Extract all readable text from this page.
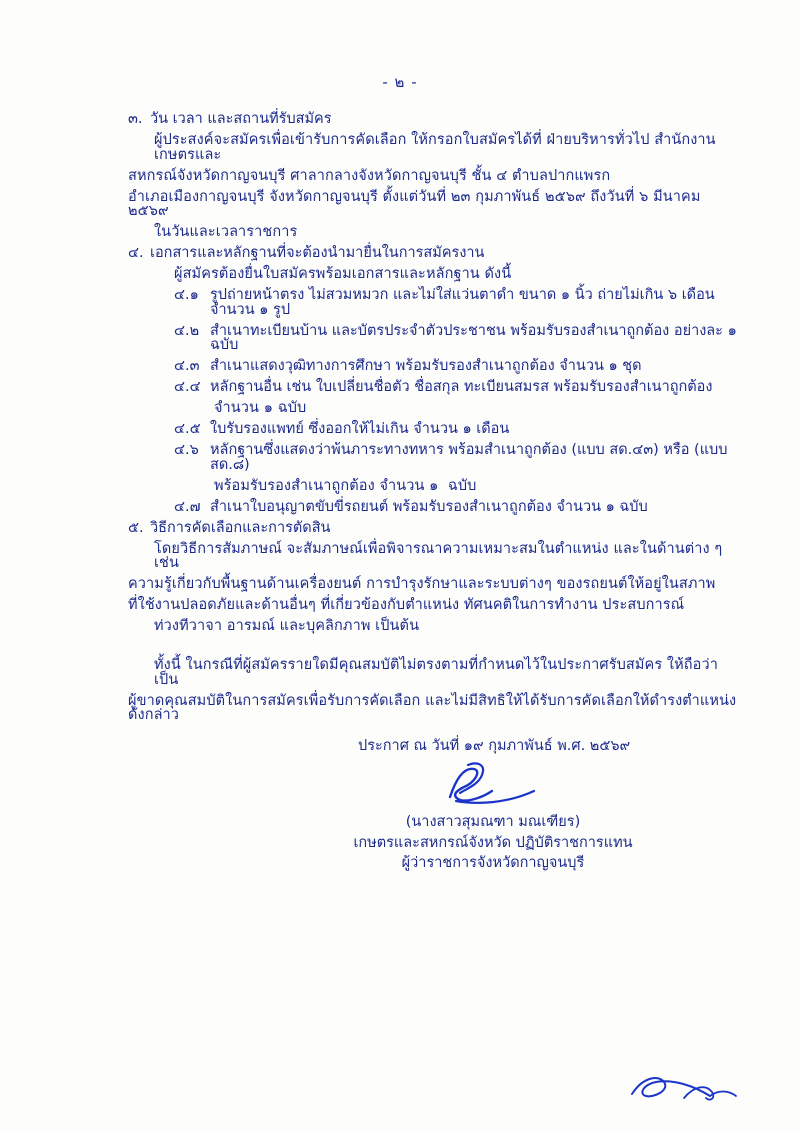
- ๒ -
๓. วัน เวลา และสถานที่รับสมัคร
ผู้ประสงค์จะสมัครเพื่อเข้ารับการคัดเลือก ให้กรอกใบสมัครได้ที่ ฝ่ายบริหารทั่วไป สำนักงานเกษตรและ
สหกรณ์จังหวัดกาญจนบุรี ศาลากลางจังหวัดกาญจนบุรี ชั้น ๔ ตำบลปากแพรก
อำเภอเมืองกาญจนบุรี จังหวัดกาญจนบุรี ตั้งแต่วันที่ ๒๓ กุมภาพันธ์ ๒๕๖๙ ถึงวันที่ ๖ มีนาคม ๒๕๖๙
ในวันและเวลาราชการ
๔. เอกสารและหลักฐานที่จะต้องนำมายื่นในการสมัครงาน
ผู้สมัครต้องยื่นใบสมัครพร้อมเอกสารและหลักฐาน ดังนี้
๔.๑ รูปถ่ายหน้าตรง ไม่สวมหมวก และไม่ใส่แว่นตาดำ ขนาด ๑ นิ้ว ถ่ายไม่เกิน ๖ เดือน จำนวน ๑ รูป
๔.๒ สำเนาทะเบียนบ้าน และบัตรประจำตัวประชาชน พร้อมรับรองสำเนาถูกต้อง อย่างละ ๑ ฉบับ
๔.๓ สำเนาแสดงวุฒิทางการศึกษา พร้อมรับรองสำเนาถูกต้อง จำนวน ๑ ชุด
๔.๔ หลักฐานอื่น เช่น ใบเปลี่ยนชื่อตัว ชื่อสกุล ทะเบียนสมรส พร้อมรับรองสำเนาถูกต้อง
จำนวน ๑ ฉบับ
๔.๕ ใบรับรองแพทย์ ซึ่งออกให้ไม่เกิน จำนวน ๑ เดือน
๔.๖ หลักฐานซึ่งแสดงว่าพ้นภาระทางทหาร พร้อมสำเนาถูกต้อง (แบบ สด.๔๓) หรือ (แบบ สด.๘)
พร้อมรับรองสำเนาถูกต้อง จำนวน ๑  ฉบับ
๔.๗ สำเนาใบอนุญาตขับขี่รถยนต์ พร้อมรับรองสำเนาถูกต้อง จำนวน ๑ ฉบับ
๕. วิธีการคัดเลือกและการตัดสิน
โดยวิธีการสัมภาษณ์ จะสัมภาษณ์เพื่อพิจารณาความเหมาะสมในตำแหน่ง และในด้านต่าง ๆ เช่น
ความรู้เกี่ยวกับพื้นฐานด้านเครื่องยนต์ การบำรุงรักษาและระบบต่างๆ ของรถยนต์ให้อยู่ในสภาพ
ที่ใช้งานปลอดภัยและด้านอื่นๆ ที่เกี่ยวข้องกับตำแหน่ง ทัศนคติในการทำงาน ประสบการณ์
ท่วงทีวาจา อารมณ์ และบุคลิกภาพ เป็นต้น
ทั้งนี้ ในกรณีที่ผู้สมัครรายใดมีคุณสมบัติไม่ตรงตามที่กำหนดไว้ในประกาศรับสมัคร ให้ถือว่าเป็น
ผู้ขาดคุณสมบัติในการสมัครเพื่อรับการคัดเลือก และไม่มีสิทธิให้ได้รับการคัดเลือกให้ดำรงตำแหน่งดังกล่าว
ประกาศ ณ วันที่ ๑๙ กุมภาพันธ์ พ.ศ. ๒๕๖๙
(นางสาวสุมณฑา มณเฑียร)
เกษตรและสหกรณ์จังหวัด ปฏิบัติราชการแทน
ผู้ว่าราชการจังหวัดกาญจนบุรี
